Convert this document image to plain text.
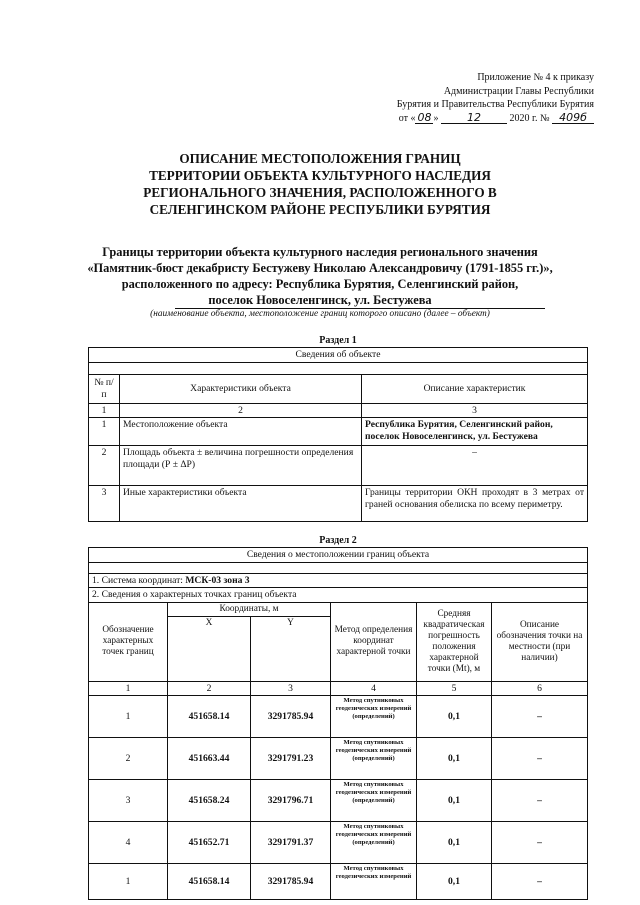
Приложение № 4 к приказу
Администрации Главы Республики
Бурятия и Правительства Республики Бурятия
от « 08 »	12	2020 г. № 409б
ОПИСАНИЕ МЕСТОПОЛОЖЕНИЯ ГРАНИЦ
ТЕРРИТОРИИ ОБЪЕКТА КУЛЬТУРНОГО НАСЛЕДИЯ
РЕГИОНАЛЬНОГО ЗНАЧЕНИЯ, РАСПОЛОЖЕННОГО В
СЕЛЕНГИНСКОМ РАЙОНЕ РЕСПУБЛИКИ БУРЯТИЯ
Границы территории объекта культурного наследия регионального значения
«Памятник-бюст декабристу Бестужеву Николаю Александровичу (1791-1855 гг.)»,
расположенного по адресу: Республика Бурятия, Селенгинский район,
поселок Новоселенгинск, ул. Бестужева
(наименование объекта, местоположение границ которого описано (далее – объект)
Раздел 1
Сведения об объекте		

№ п/п	Характеристики объекта	Описание характеристик
1	2	3
1	Местоположение объекта	Республика Бурятия, Селенгинский район, поселок Новоселенгинск, ул. Бестужева
2	Площадь объекта ± величина погрешности определения площади (Р ± ΔР)	–
3	Иные характеристики объекта	Границы территории ОКН проходят в 3 метрах от граней основания обелиска по всему периметру.
Раздел 2
Сведения о местоположении границ объекта					

1. Система координат: МСК-03 зона 3					
2. Сведения о характерных точках границ объекта					
Обозначение характерных точек границ	Координаты, м		Метод определения координат характерной точки	Средняя квадратическая погрешность положения характерной точки (Mt), м	Описание обозначения точки на местности (при наличии)
	X	Y			
1	2	3	4	5	6
1	451658.14	3291785.94	Метод спутниковых геодезических измерений (определений)	0,1	–
2	451663.44	3291791.23	Метод спутниковых геодезических измерений (определений)	0,1	–
3	451658.24	3291796.71	Метод спутниковых геодезических измерений (определений)	0,1	–
4	451652.71	3291791.37	Метод спутниковых геодезических измерений (определений)	0,1	–
1	451658.14	3291785.94	Метод спутниковых геодезических измерений	0,1	–
